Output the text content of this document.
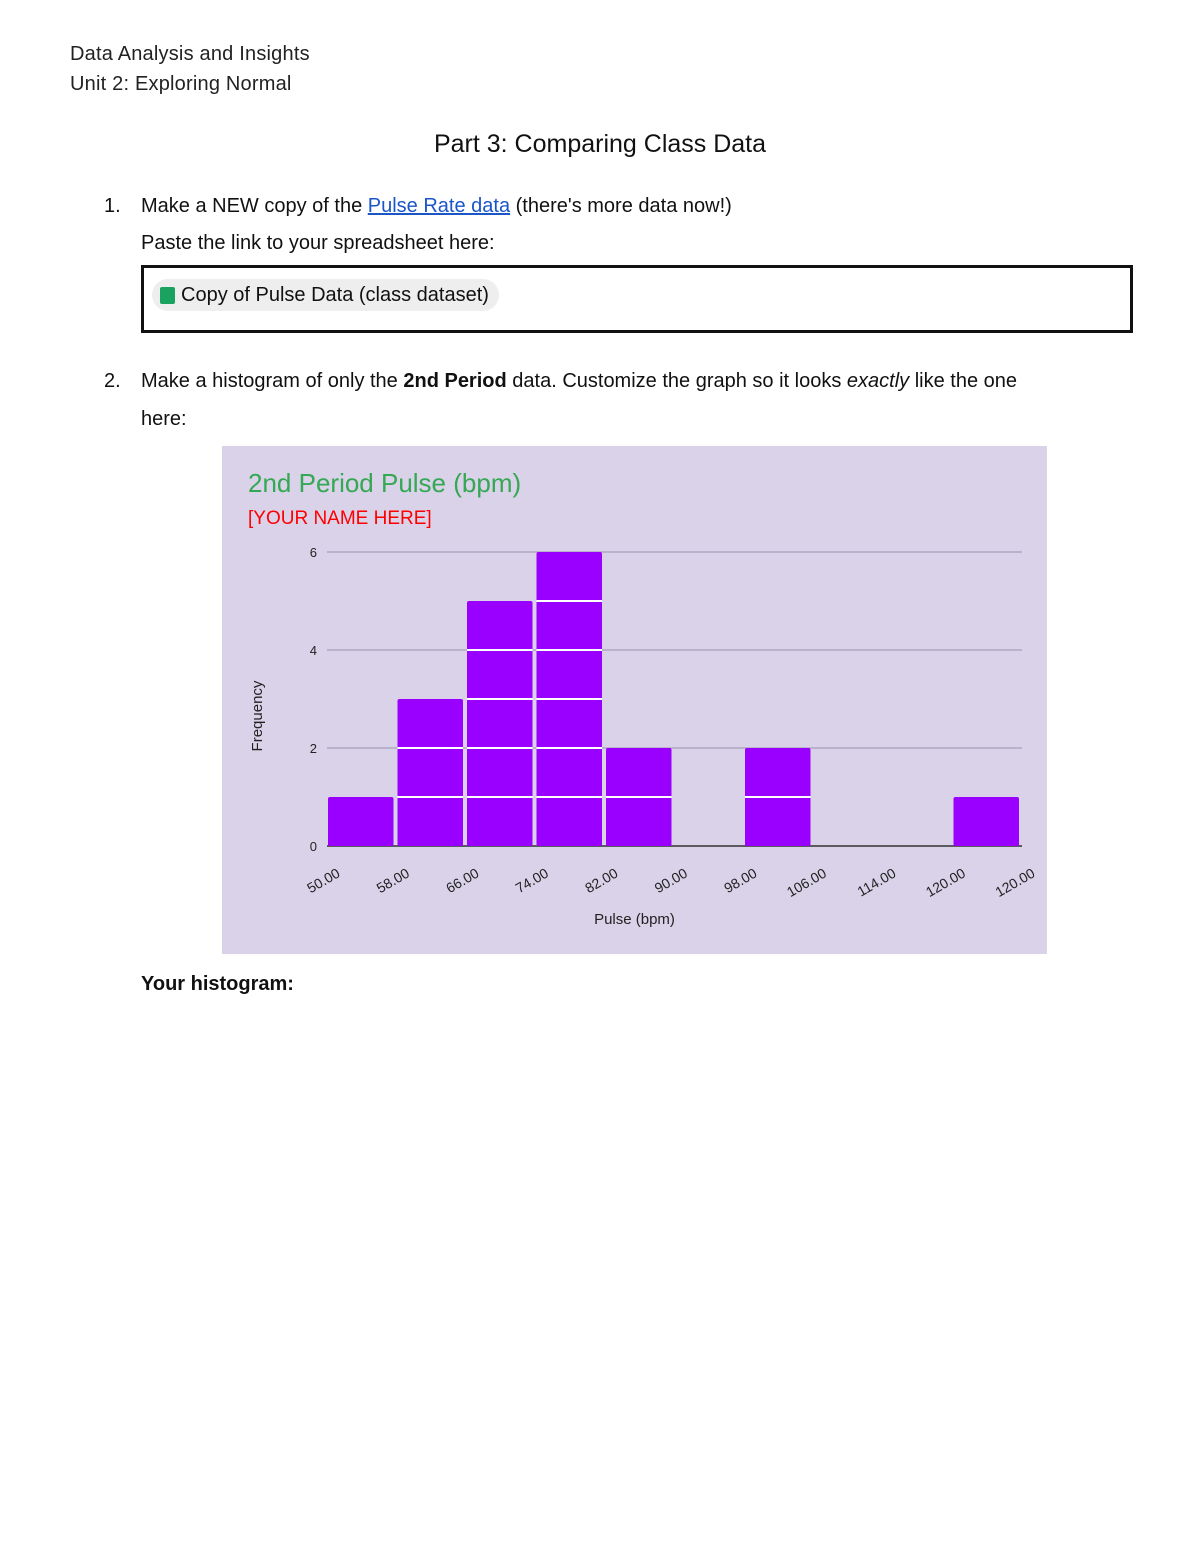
Data Analysis and Insights
Unit 2: Exploring Normal
Part 3: Comparing Class Data
1. Make a NEW copy of the Pulse Rate data (there's more data now!)
Paste the link to your spreadsheet here:
Copy of Pulse Data (class dataset)
2. Make a histogram of only the 2nd Period data. Customize the graph so it looks exactly like the one
here:
2nd Period Pulse (bpm)
[YOUR NAME HERE]
0
2
4
6
50.00 58.00 66.00 74.00 82.00 90.00 98.00 106.00 114.00 120.00 120.00
Pulse (bpm)
Frequency
Your histogram:
